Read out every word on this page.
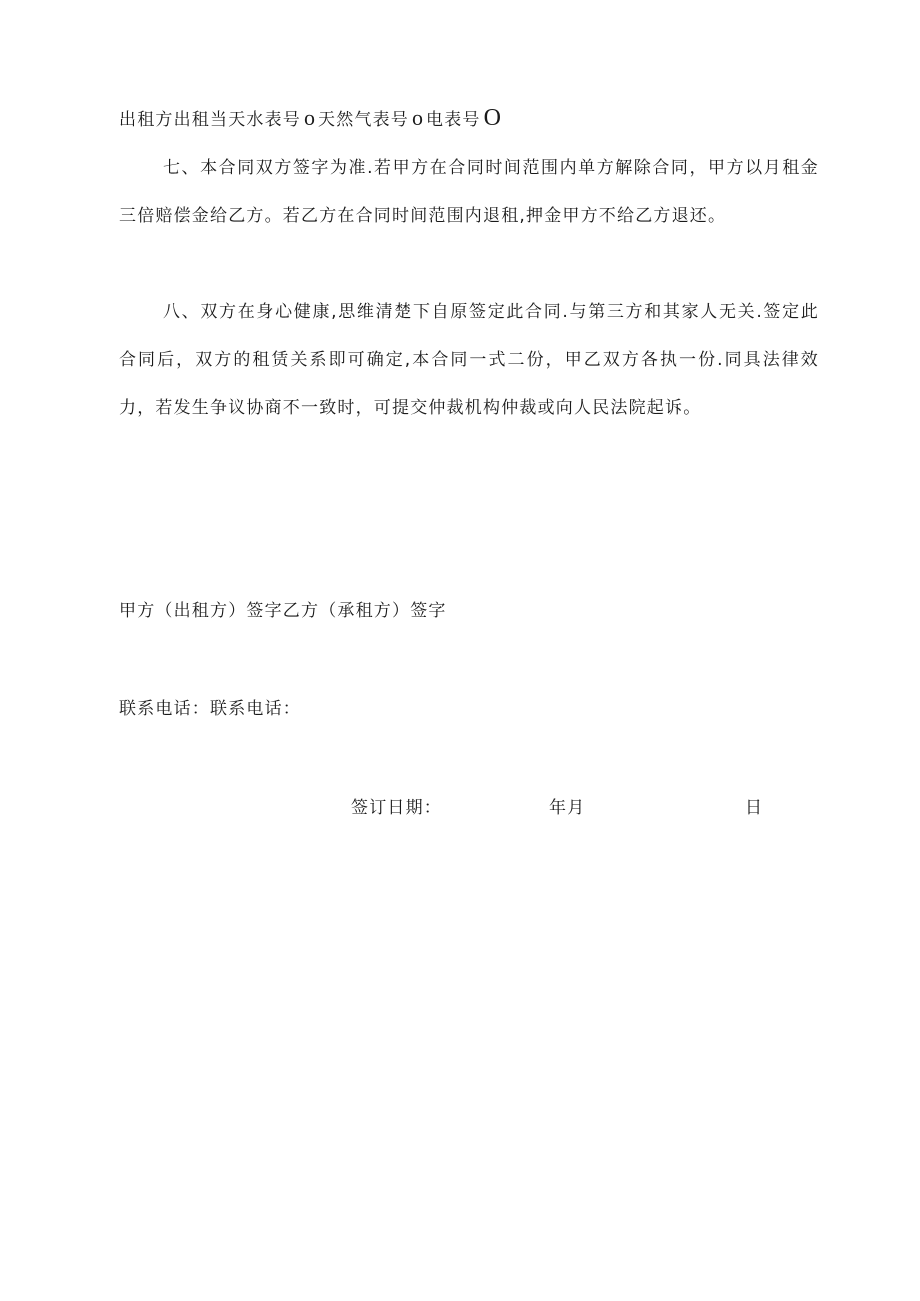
出租方出租当天水表号 o 天然气表号 o 电表号 O

七、本合同双方签字为准.若甲方在合同时间范围内单方解除合同，甲方以月租金三倍赔偿金给乙方。若乙方在合同时间范围内退租,押金甲方不给乙方退还。

八、双方在身心健康,思维清楚下自原签定此合同.与第三方和其家人无关.签定此合同后，双方的租赁关系即可确定,本合同一式二份，甲乙双方各执一份.同具法律效力，若发生争议协商不一致时，可提交仲裁机构仲裁或向人民法院起诉。

甲方（出租方）签字乙方（承租方）签字
联系电话：联系电话：
签订日期：	年月	日
